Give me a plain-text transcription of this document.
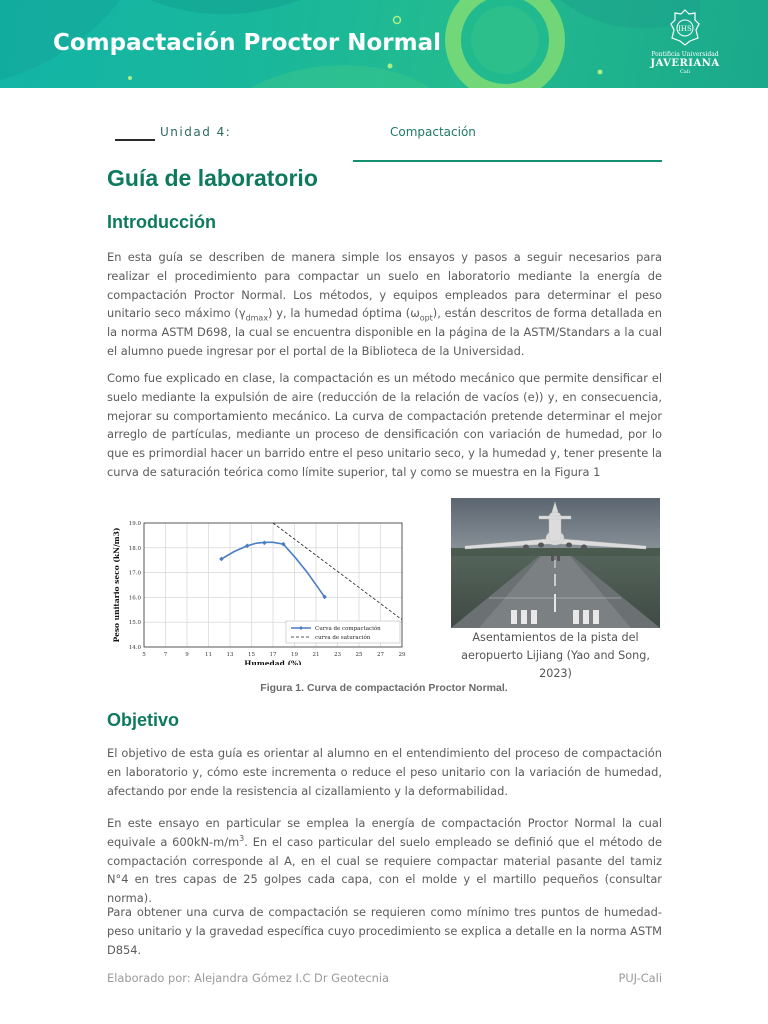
Compactación Proctor Normal
IHS
Pontificia Universidad
JAVERIANA
Cali
Unidad 4:	Compactación
Guía de laboratorio
Introducción

En esta guía se describen de manera simple los ensayos y pasos a seguir necesarios para realizar el procedimiento para compactar un suelo en laboratorio mediante la energía de compactación Proctor Normal. Los métodos, y equipos empleados para determinar el peso unitario seco máximo $(\gamma_{dmax})$ y, la humedad óptima $(\omega_{opt})$, están descritos de forma detallada en la norma ASTM D698, la cual se encuentra disponible en la página de la ASTM/Standars a la cual el alumno puede ingresar por el portal de la Biblioteca de la Universidad.

Como fue explicado en clase, la compactación es un método mecánico que permite densificar el suelo mediante la expulsión de aire (reducción de la relación de vacíos (e)) y, en consecuencia, mejorar su comportamiento mecánico. La curva de compactación pretende determinar el mejor arreglo de partículas, mediante un proceso de densificación con variación de humedad, por lo que es primordial hacer un barrido entre el peso unitario seco, y la humedad y, tener presente la curva de saturación teórica como límite superior, tal y como se muestra en la Figura 1

5	7	9	11	13	15	17	19	21	23	25	27	29
14.0
15.0
16.0
17.0
18.0
19.0
Curva de compactación
curva de saturación
Peso unitario seco (kN/m3)
Humedad (%)
Asentamientos de la pista del aeropuerto Lijiang (Yao and Song, 2023)
Figura 1. Curva de compactación Proctor Normal.
Objetivo

El objetivo de esta guía es orientar al alumno en el entendimiento del proceso de compactación en laboratorio y, cómo este incrementa o reduce el peso unitario con la variación de humedad, afectando por ende la resistencia al cizallamiento y la deformabilidad.

En este ensayo en particular se emplea la energía de compactación Proctor Normal la cual equivale a $600kN-m/m^3$. En el caso particular del suelo empleado se definió que el método de compactación corresponde al A, en el cual se requiere compactar material pasante del tamiz N°4 en tres capas de 25 golpes cada capa, con el molde y el martillo pequeños (consultar norma).

Para obtener una curva de compactación se requieren como mínimo tres puntos de humedad-peso unitario y la gravedad específica cuyo procedimiento se explica a detalle en la norma ASTM D854.

Elaborado por: Alejandra Gómez I.C Dr Geotecnia	PUJ-Cali
